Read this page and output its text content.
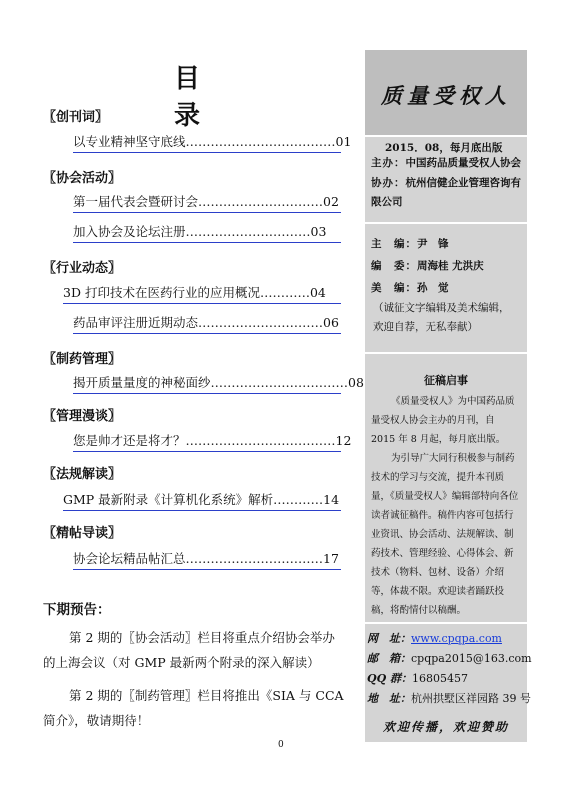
目 录
〖创刊词〗
以专业精神坚守底线………………………………01
〖协会活动〗
第一届代表会暨研讨会…………………………02
加入协会及论坛注册…………………………03
〖行业动态〗
3D 打印技术在医药行业的应用概况…………04
药品审评注册近期动态…………………………06
〖制药管理〗
揭开质量量度的神秘面纱……………………………08
〖管理漫谈〗
您是帅才还是将才？………………………………12
〖法规解读〗
GMP 最新附录《计算机化系统》解析…………14
〖精帖导读〗
协会论坛精品帖汇总……………………………17
下期预告：
第 2 期的〖协会活动〗栏目将重点介绍协会举办的上海会议（对 GMP 最新两个附录的深入解读）
第 2 期的〖制药管理〗栏目将推出《SIA 与 CCA 简介》，敬请期待！
0
质量受权人
2015．08，每月底出版
主办：中国药品质量受权人协会
协办：杭州信健企业管理咨询有限公司
主　编：尹　锋
编　委：周海桂 尤洪庆
美　编：孙　觉
（诚征文字编辑及美术编辑，欢迎自荐，无私奉献）
征稿启事

《质量受权人》为中国药品质量受权人协会主办的月刊，自 2015 年 8 月起，每月底出版。

为引导广大同行积极参与制药技术的学习与交流，提升本刊质量，《质量受权人》编辑部特向各位读者诚征稿件。稿件内容可包括行业资讯、协会活动、法规解读、制药技术、管理经验、心得体会、新技术（物料、包材、设备）介绍等，体裁不限。欢迎读者踊跃投稿，将酌情付以稿酬。

网　址：www.cpqpa.com
邮　箱：cpqpa2015@163.com
QQ 群：16805457
地　址：杭州拱墅区祥园路 39 号
欢迎传播，欢迎赞助
